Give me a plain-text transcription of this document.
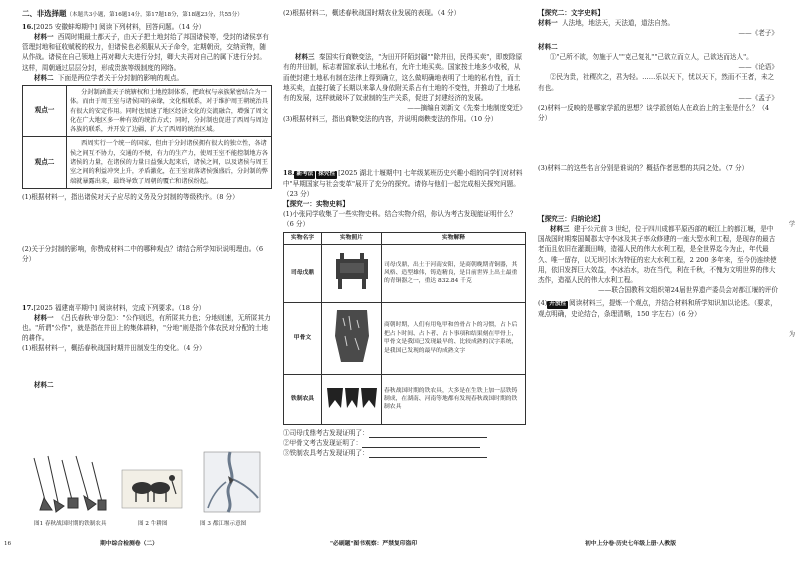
二、非选择题（本题共3小题，第16题14分，第17题18分，第18题23分，共55分）

16.[2025 安徽蚌埠期中] 阅读下列材料，回答问题。（14 分）

材料一 西周时期最土都天子，由天子把土地封给了邦国诸侯等，受封的诸侯享有管理封地和征收赋税的权力，但诸侯也必须服从天子命令，定期朝贡，交纳贡物，随从作战。诸侯在自己领地上再对卿大夫进行分封，卿大夫再对自己的属下进行分封。这样，周朝通过层层分封，形成贵族等级制度的网络。

材料二 下面是两位学者关于分封制的影响的观点。

观点一	分封制涵盖天子统辖权和土地控制体系，把政权与亲族紧密结合为一体。而由于周王室与诸侯国的亲缘，文化相联系，对于维护周王朝统治具有很大的安定作用。同时也加速了地区经济文化的交流融合，增强了周文化在广大地区多一种有效的统治方式；同时，分封制也促进了西周与周边各族的联系，并开发了边疆，扩大了西周的统治区域。
观点二	西周实行一个统一的国家，但由于分封诸侯拥有很大的独立性，各诸侯之间互不协力，交通的不便，有力的生产力，使周王室不能控制地方各诸侯的力量，在诸侯的力量日益强大起来后，诸侯之间，以及诸侯与周王室之间的利益冲突上升，矛盾激化，在王室衰落诸侯强盛后，分封制的弊端就暴露出来，最终导致了周朝的覆亡和诸侯纷起。

(1)根据材料一，指出诸侯对天子应尽的义务及分封制的等级秩序。（8 分）

(2)关于分封制的影响，你赞成材料二中的哪种观点？请结合所学知识说明理由。（6 分）

17.[2025 福建南平期中] 阅读材料，完成下列要求。（18 分）

材料一 《吕氏春秋·审分览》："公作则迟，有所匿其力也；分地则速，无所匿其力也。"所谓"公作"，就是指在井田上的集体耕种，"分地"则是指个体农民对分配的土地的耕作。

(1)根据材料一，概括春秋战国时期井田制发生的变化。（4 分）

材料二

图1 春秋战国时期的铁制农具	图 2 牛耕图	图 3 都江堰示意图

(2)根据材料二，概述春秋战国时期农业发展的表现。（4 分）

材料三 秦国实行商鞅变法，"为田开阡陌封疆""除井田，民得买卖"，即废除原有的井田制，标志着国家承认土地私有，允许土地买卖。国家按土地多少收税，从而使封建土地私有制在法律上得到确立，这么做明确地表明了土地的私有性，而土地买卖，直接打破了长期以来靠人身依附关系占有土地的不变性，并推动了土地私有的发展，这样就破坏了奴隶制的生产关系，促进了封建经济的发展。

——摘编自刘新文《先秦土地制度变迁》

(3)根据材料三，指出商鞅变法的内容，并说明商鞅变法的作用。（10 分）

18. 新考法 探究性 [2025 湖北十堰期中] 七年级某班历史兴趣小组的同学们对材料中"早期国家与社会变革"展开了充分的探究。请你与他们一起完成相关探究问题。（23 分）

【探究一：实物史料】

(1)小张同学收集了一些实物史料。结合实物介绍，你认为考古发现能证明什么？（6 分）

实物名字	实物照片	实物解释
司母戊鼎		司母戊鼎，出土于河南安阳，是商朝晚期青铜器，其风格、造型雄伟，铸造精良，是目前世界上出土最重的青铜器之一，重达 832.84 千克
甲骨文		商朝时期，人们有用龟甲和兽骨占卜的习惯，占卜后把占卜时间、占卜者、占卜事项和结果刻在甲骨上，甲骨文是我国已发现最早的、比较成熟的汉字系统，是我国已发现的最早的成熟文字
铁制农具		春秋战国时期的铁农具，大多是在生铁上加一层铁铸制成，在湖南、河南等地都有发现春秋战国时期的铁制农具

①司母戊鼎考古发现证明了：

②甲骨文考古发现证明了：

③铁制农具考古发现证明了：

【探究二：文字史料】

材料一 人法地，地法天，天法道，道法自然。

——《老子》

材料二

①"己所不欲，勿施于人""克己复礼""己欲立而立人，己欲达而达人"。

——《论语》

②民为贵，社稷次之，君为轻。……乐以天下，忧以天下，然而不王者，未之有也。

——《孟子》

(2)材料一反映的是哪家学派的思想？谈学派创始人在政治上的主张是什么？（4 分）

(3)材料二的这些名言分别是谁说的？概括作者思想的共同之处。（7 分）

【探究三：归纳论述】

材料三 建于公元前 3 世纪，位于四川成都平原西部的岷江上的都江堰，是中国战国时期秦国蜀郡太守李冰及其子率众修建的一座大型水利工程，是现存的最古老而且依旧在灌溉田畴，造福人民的伟大水利工程，是全世界迄今为止，年代最久、唯一留存，以无坝引水为特征的宏大水利工程，2 200 多年来，至今仍连续使用，依旧发挥巨大效益，李冰治水，功在当代，利在千秋，不愧为文明世界的伟大杰作，造福人民的伟大水利工程。

——联合国教科文组织第24届世界遗产委员会对都江堰的评价

(4) 开放性 阅读材料三，提炼一个观点，并结合材料和所学知识加以论述。（要求，观点明确，史论结合，条理清晰，150 字左右）（6 分）

学
为
16	期中综合检测卷（二）	"必刷题"图书观察：严禁复印盗印	初中上分卷·历史七年级上册·人教版
